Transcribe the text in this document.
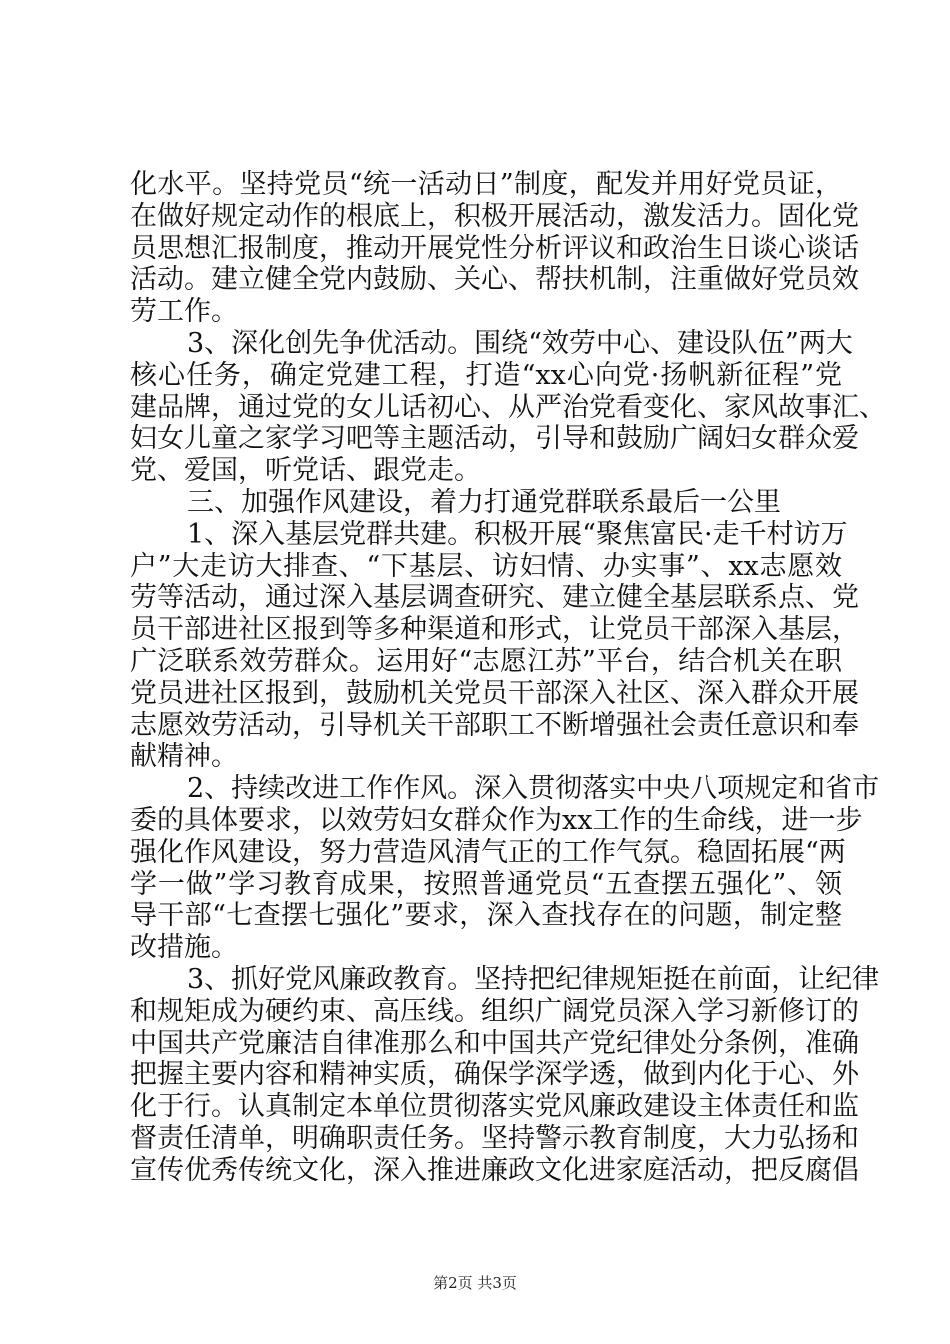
化水平。坚持党员“统一活动日”制度，配发并用好党员证，
在做好规定动作的根底上，积极开展活动，激发活力。固化党
员思想汇报制度，推动开展党性分析评议和政治生日谈心谈话
活动。建立健全党内鼓励、关心、帮扶机制，注重做好党员效
劳工作。
3、深化创先争优活动。围绕“效劳中心、建设队伍”两大
核心任务，确定党建工程，打造“xx心向党·扬帆新征程”党
建品牌，通过党的女儿话初心、从严治党看变化、家风故事汇、
妇女儿童之家学习吧等主题活动，引导和鼓励广阔妇女群众爱
党、爱国，听党话、跟党走。
三、加强作风建设，着力打通党群联系最后一公里
1、深入基层党群共建。积极开展“聚焦富民·走千村访万
户”大走访大排查、“下基层、访妇情、办实事”、xx志愿效
劳等活动，通过深入基层调查研究、建立健全基层联系点、党
员干部进社区报到等多种渠道和形式，让党员干部深入基层，
广泛联系效劳群众。运用好“志愿江苏”平台，结合机关在职
党员进社区报到，鼓励机关党员干部深入社区、深入群众开展
志愿效劳活动，引导机关干部职工不断增强社会责任意识和奉
献精神。
2、持续改进工作作风。深入贯彻落实中央八项规定和省市
委的具体要求，以效劳妇女群众作为xx工作的生命线，进一步
强化作风建设，努力营造风清气正的工作气氛。稳固拓展“两
学一做”学习教育成果，按照普通党员“五查摆五强化”、领
导干部“七查摆七强化”要求，深入查找存在的问题，制定整
改措施。
3、抓好党风廉政教育。坚持把纪律规矩挺在前面，让纪律
和规矩成为硬约束、高压线。组织广阔党员深入学习新修订的
中国共产党廉洁自律准那么和中国共产党纪律处分条例，准确
把握主要内容和精神实质，确保学深学透，做到内化于心、外
化于行。认真制定本单位贯彻落实党风廉政建设主体责任和监
督责任清单，明确职责任务。坚持警示教育制度，大力弘扬和
宣传优秀传统文化，深入推进廉政文化进家庭活动，把反腐倡
第2页 共3页
